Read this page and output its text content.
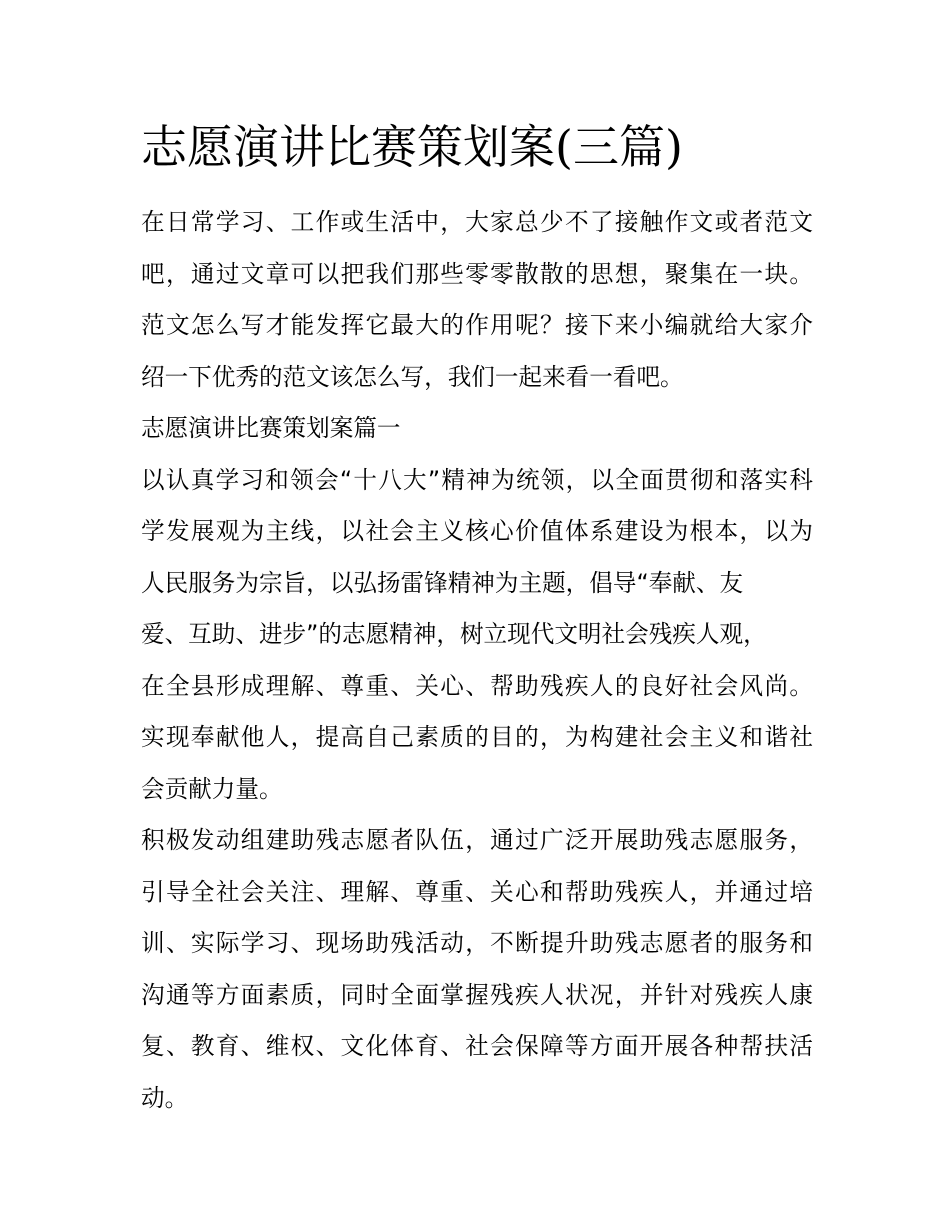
志愿演讲比赛策划案(三篇)
在日常学习、工作或生活中，大家总少不了接触作文或者范文
吧，通过文章可以把我们那些零零散散的思想，聚集在一块。
范文怎么写才能发挥它最大的作用呢？接下来小编就给大家介
绍一下优秀的范文该怎么写，我们一起来看一看吧。
志愿演讲比赛策划案篇一
以认真学习和领会“十八大”精神为统领，以全面贯彻和落实科
学发展观为主线，以社会主义核心价值体系建设为根本，以为
人民服务为宗旨，以弘扬雷锋精神为主题，倡导“奉献、友
爱、互助、进步”的志愿精神，树立现代文明社会残疾人观，
在全县形成理解、尊重、关心、帮助残疾人的良好社会风尚。
实现奉献他人，提高自己素质的目的，为构建社会主义和谐社
会贡献力量。
积极发动组建助残志愿者队伍，通过广泛开展助残志愿服务，
引导全社会关注、理解、尊重、关心和帮助残疾人，并通过培
训、实际学习、现场助残活动，不断提升助残志愿者的服务和
沟通等方面素质，同时全面掌握残疾人状况，并针对残疾人康
复、教育、维权、文化体育、社会保障等方面开展各种帮扶活
动。
